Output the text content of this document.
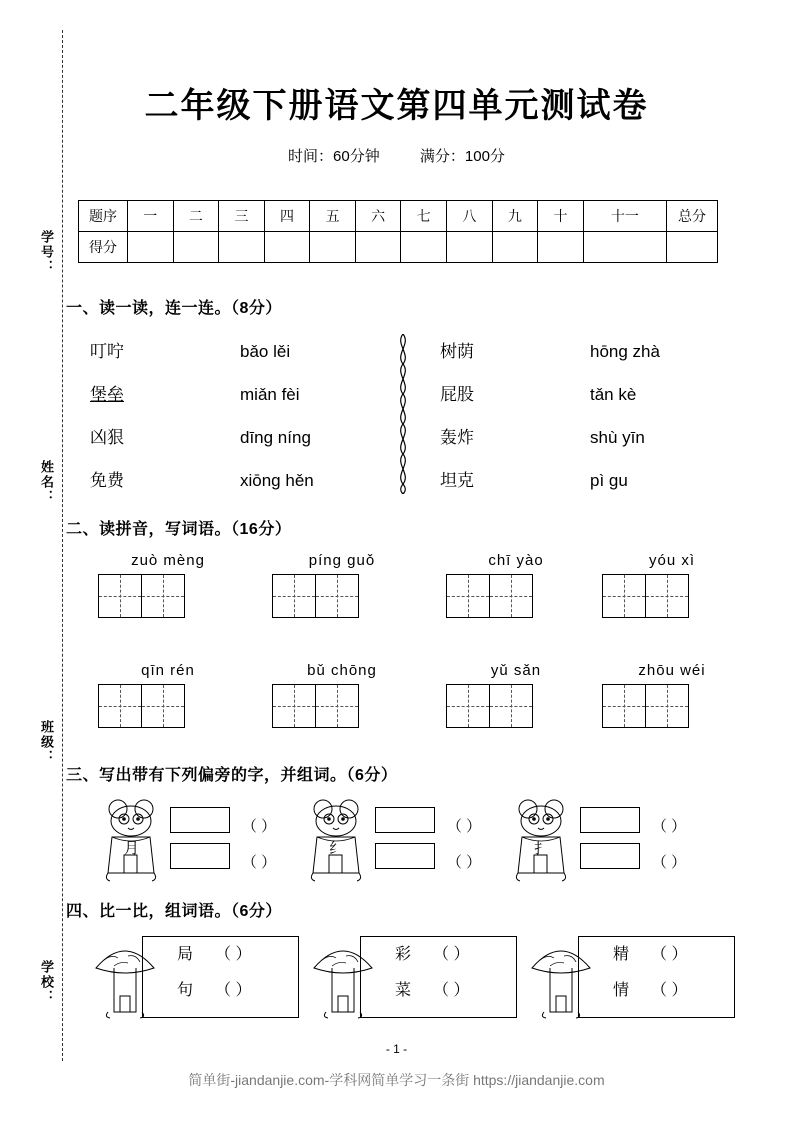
学号：
姓名：
班级：
学校：
二年级下册语文第四单元测试卷
时间：60分钟	满分：100分
题序	一	二	三	四	五	六	七	八	九	十	十一	总分
得分												
一、读一读，连一连。（8分）
叮咛
堡垒
凶狠
免费
bǎo lěi
miǎn fèi
dīng níng
xiōng hěn
树荫
屁股
轰炸
坦克
hōng zhà
tǎn kè
shù yīn
pì gu
二、读拼音，写词语。（16分）
zuò mèng	píng guǒ	chī yào	yóu xì
qīn rén	bǔ chōng	yǔ sǎn	zhōu wéi
三、写出带有下列偏旁的字，并组词。（6分）
（ ）
（ ）
月
（ ）
（ ）
纟
（ ）
（ ）
扌
四、比一比，组词语。（6分）
局 （ ）
句 （ ）
彩 （ ）
菜 （ ）
精 （ ）
情 （ ）
- 1 -
简单街-jiandanjie.com-学科网简单学习一条街 https://jiandanjie.com
